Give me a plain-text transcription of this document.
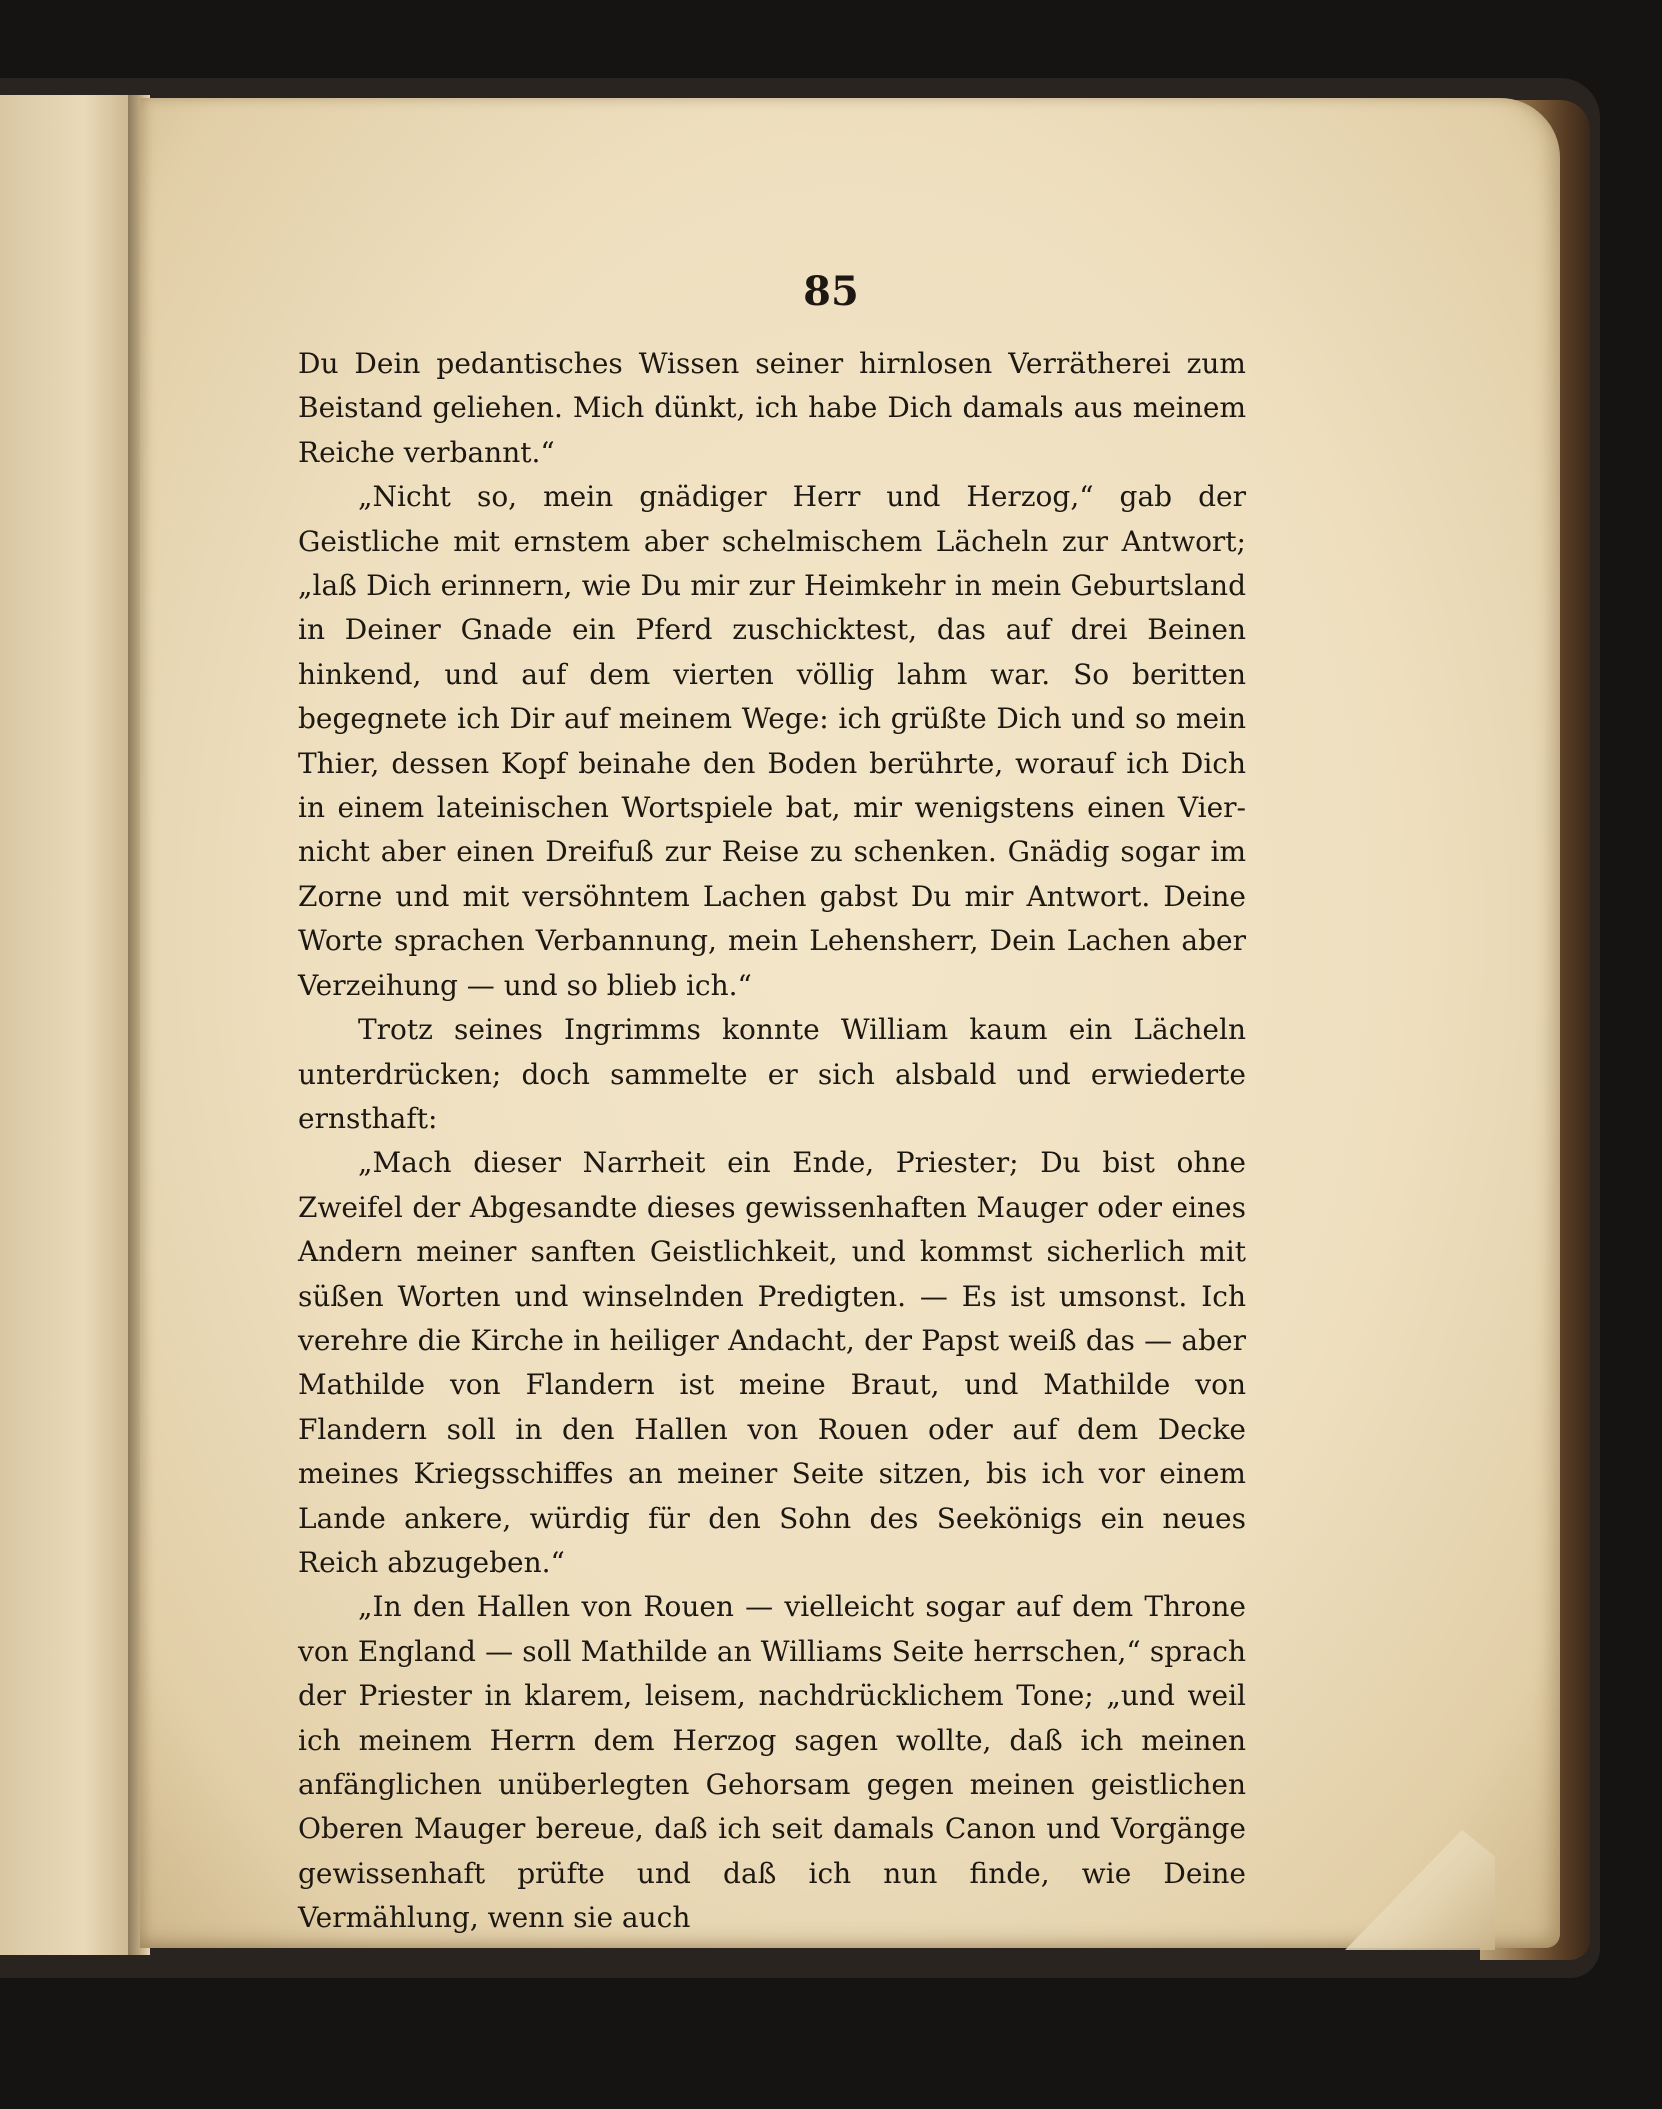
85

Du Dein pedantisches Wissen seiner hirnlosen Verrätherei zum Beistand geliehen. Mich dünkt, ich habe Dich damals aus meinem Reiche verbannt.“

„Nicht so, mein gnädiger Herr und Herzog,“ gab der Geistliche mit ernstem aber schelmischem Lächeln zur Antwort; „laß Dich erinnern, wie Du mir zur Heimkehr in mein Geburtsland in Deiner Gnade ein Pferd zuschicktest, das auf drei Beinen hinkend, und auf dem vierten völlig lahm war. So beritten begegnete ich Dir auf meinem Wege: ich grüßte Dich und so mein Thier, dessen Kopf beinahe den Boden berührte, worauf ich Dich in einem lateinischen Wortspiele bat, mir wenigstens einen Vier- nicht aber einen Dreifuß zur Reise zu schenken. Gnädig sogar im Zorne und mit versöhntem Lachen gabst Du mir Antwort. Deine Worte sprachen Verbannung, mein Lehensherr, Dein Lachen aber Verzeihung — und so blieb ich.“

Trotz seines Ingrimms konnte William kaum ein Lächeln unterdrücken; doch sammelte er sich alsbald und erwiederte ernsthaft:

„Mach dieser Narrheit ein Ende, Priester; Du bist ohne Zweifel der Abgesandte dieses gewissenhaften Mauger oder eines Andern meiner sanften Geistlichkeit, und kommst sicherlich mit süßen Worten und winselnden Predigten. — Es ist umsonst. Ich verehre die Kirche in heiliger Andacht, der Papst weiß das — aber Mathilde von Flandern ist meine Braut, und Mathilde von Flandern soll in den Hallen von Rouen oder auf dem Decke meines Kriegsschiffes an meiner Seite sitzen, bis ich vor einem Lande ankere, würdig für den Sohn des Seekönigs ein neues Reich abzugeben.“

„In den Hallen von Rouen — vielleicht sogar auf dem Throne von England — soll Mathilde an Williams Seite herrschen,“ sprach der Priester in klarem, leisem, nachdrücklichem Tone; „und weil ich meinem Herrn dem Herzog sagen wollte, daß ich meinen anfänglichen unüberlegten Gehorsam gegen meinen geistlichen Oberen Mauger bereue, daß ich seit damals Canon und Vorgänge gewissenhaft prüfte und daß ich nun finde, wie Deine Vermählung, wenn sie auch
